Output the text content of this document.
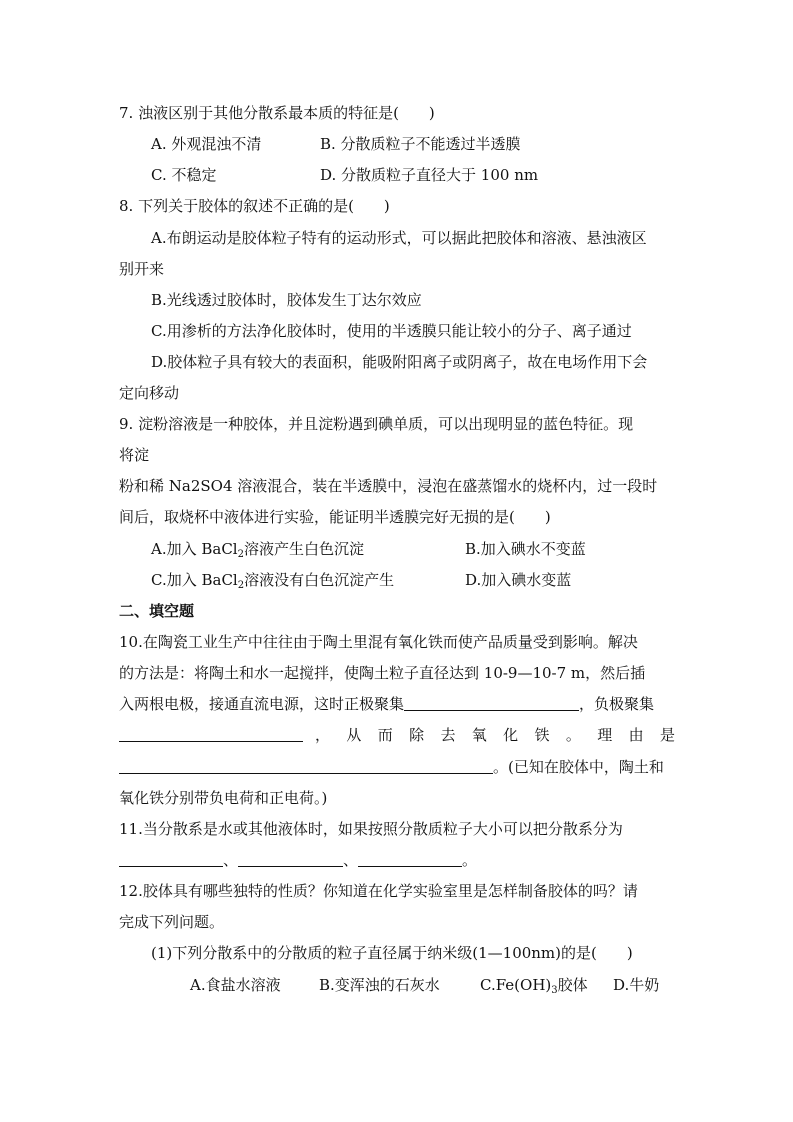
7. 浊液区别于其他分散系最本质的特征是(　　)
A. 外观混浊不清	B. 分散质粒子不能透过半透膜
C. 不稳定	D. 分散质粒子直径大于 100 nm
8. 下列关于胶体的叙述不正确的是(　　)
A.布朗运动是胶体粒子特有的运动形式，可以据此把胶体和溶液、悬浊液区
别开来
B.光线透过胶体时，胶体发生丁达尔效应
C.用渗析的方法净化胶体时，使用的半透膜只能让较小的分子、离子通过
D.胶体粒子具有较大的表面积，能吸附阳离子或阴离子，故在电场作用下会
定向移动
9. 淀粉溶液是一种胶体，并且淀粉遇到碘单质，可以出现明显的蓝色特征。现
将淀
粉和稀 Na2SO4 溶液混合，装在半透膜中，浸泡在盛蒸馏水的烧杯内，过一段时
间后，取烧杯中液体进行实验，能证明半透膜完好无损的是(　　)
A.加入 BaCl$_2$溶液产生白色沉淀	B.加入碘水不变蓝
C.加入 BaCl$_2$溶液没有白色沉淀产生	D.加入碘水变蓝
二、填空题
10.在陶瓷工业生产中往往由于陶土里混有氧化铁而使产品质量受到影响。解决
的方法是：将陶土和水一起搅拌，使陶土粒子直径达到 10-9—10-7 m，然后插
入两根电极，接通直流电源，这时正极聚集	，负极聚集
， 从 而 除 去 氧 化 铁 。 理 由 是
。(已知在胶体中，陶土和
氧化铁分别带负电荷和正电荷。)
11.当分散系是水或其他液体时，如果按照分散质粒子大小可以把分散系分为
、	、	。
12.胶体具有哪些独特的性质？你知道在化学实验室里是怎样制备胶体的吗？请
完成下列问题。
(1)下列分散系中的分散质的粒子直径属于纳米级(1—100nm)的是(　　)
A.食盐水溶液	B.变浑浊的石灰水	$C.Fe(OH)_3$胶体 D.牛奶
